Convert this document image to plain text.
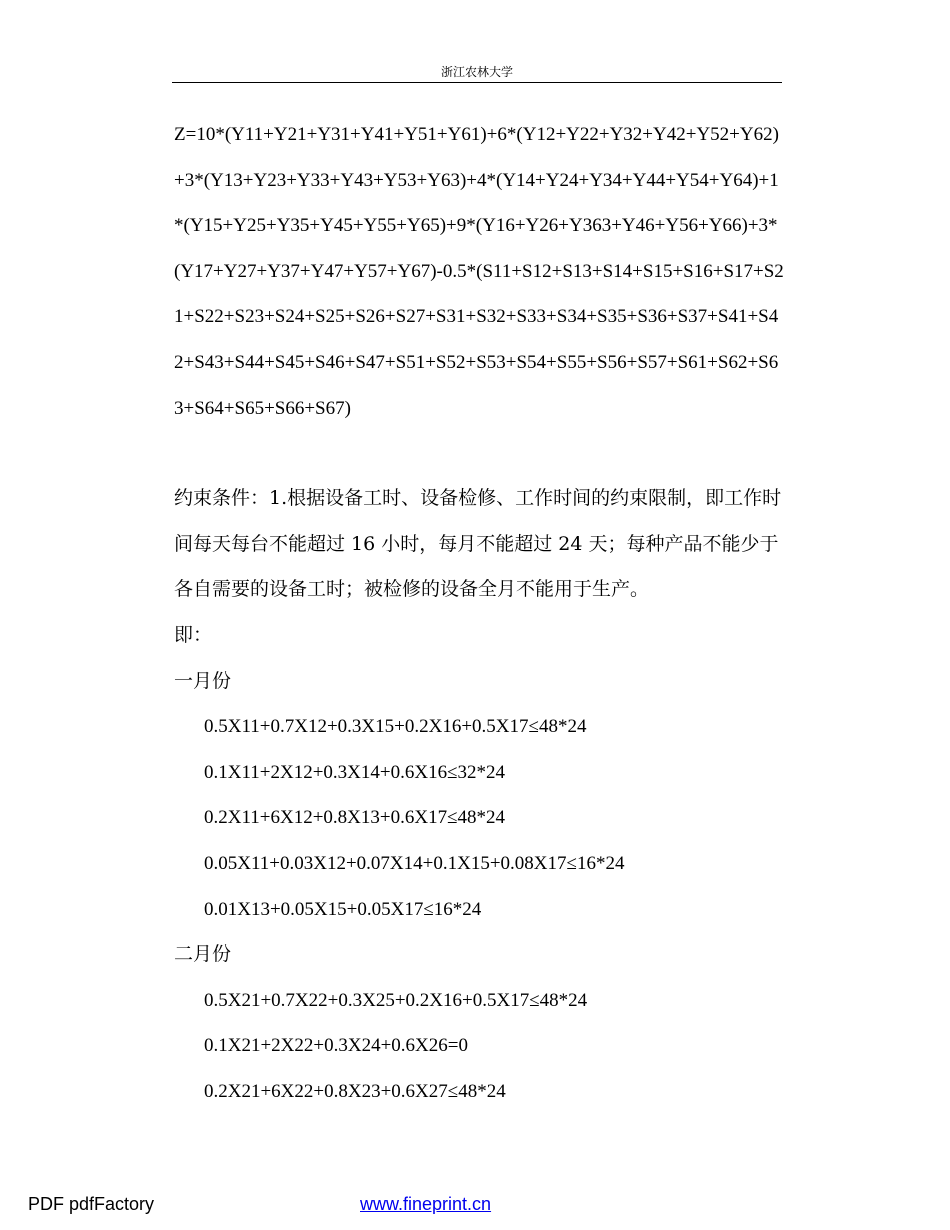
浙江农林大学

Z=10*(Y11+Y21+Y31+Y41+Y51+Y61)+6*(Y12+Y22+Y32+Y42+Y52+Y62)+3*(Y13+Y23+Y33+Y43+Y53+Y63)+4*(Y14+Y24+Y34+Y44+Y54+Y64)+1*(Y15+Y25+Y35+Y45+Y55+Y65)+9*(Y16+Y26+Y363+Y46+Y56+Y66)+3*(Y17+Y27+Y37+Y47+Y57+Y67)-0.5*(S11+S12+S13+S14+S15+S16+S17+S21+S22+S23+S24+S25+S26+S27+S31+S32+S33+S34+S35+S36+S37+S41+S42+S43+S44+S45+S46+S47+S51+S52+S53+S54+S55+S56+S57+S61+S62+S63+S64+S65+S66+S67)

约束条件：1.根据设备工时、设备检修、工作时间的约束限制，即工作时间每天每台不能超过 16 小时，每月不能超过 24 天；每种产品不能少于各自需要的设备工时；被检修的设备全月不能用于生产。

即：

一月份

0.5X11+0.7X12+0.3X15+0.2X16+0.5X17≤48*24

0.1X11+2X12+0.3X14+0.6X16≤32*24

0.2X11+6X12+0.8X13+0.6X17≤48*24

0.05X11+0.03X12+0.07X14+0.1X15+0.08X17≤16*24

0.01X13+0.05X15+0.05X17≤16*24

二月份

0.5X21+0.7X22+0.3X25+0.2X16+0.5X17≤48*24

0.1X21+2X22+0.3X24+0.6X26=0

0.2X21+6X22+0.8X23+0.6X27≤48*24

PDF pdfFactory	www.fineprint.cn
